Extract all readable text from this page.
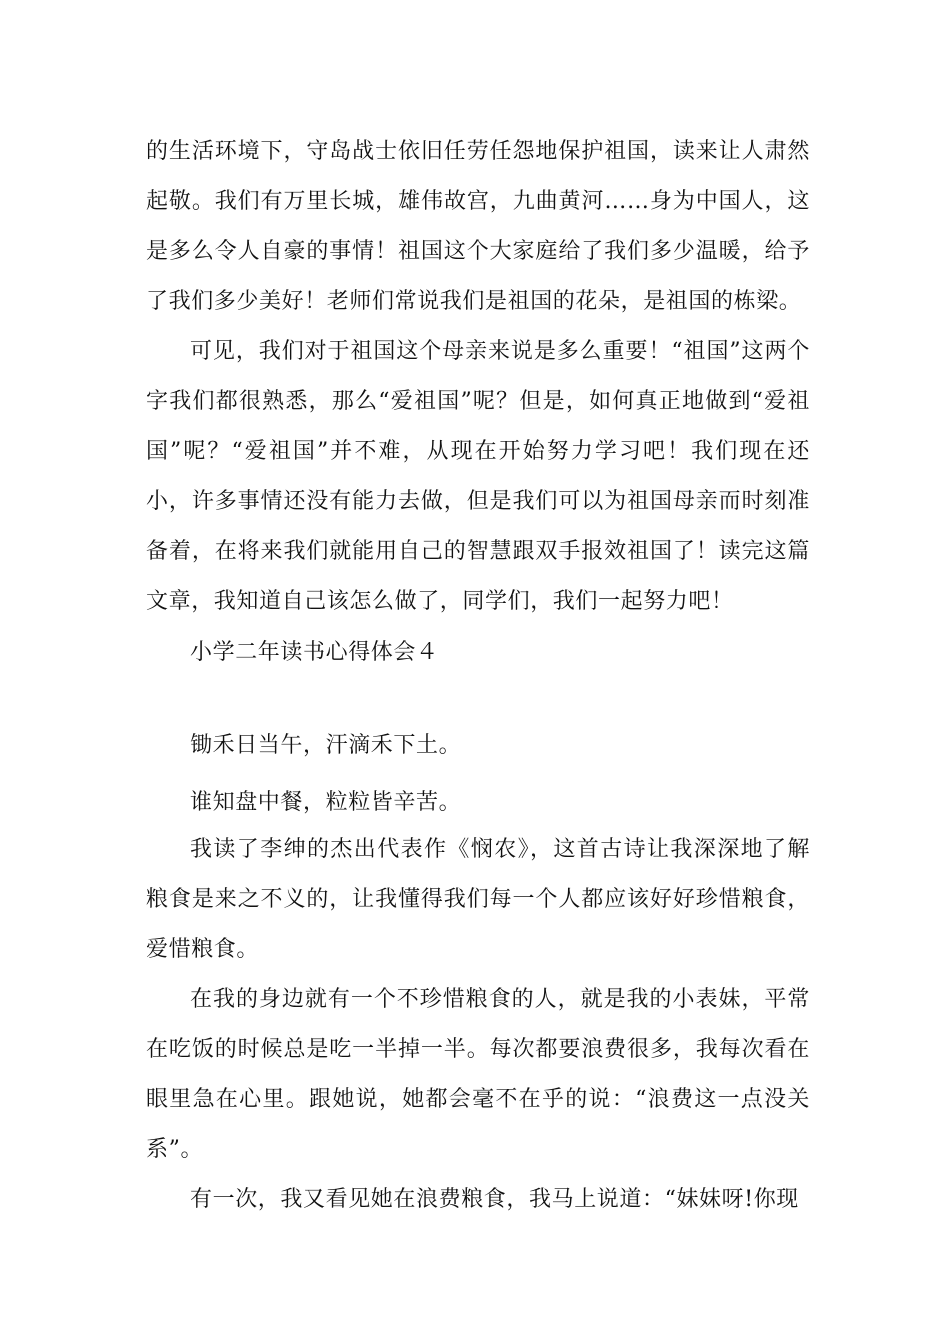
的生活环境下，守岛战士依旧任劳任怨地保护祖国，读来让人肃然起敬。我们有万里长城，雄伟故宫，九曲黄河……身为中国人，这是多么令人自豪的事情！祖国这个大家庭给了我们多少温暖，给予了我们多少美好！老师们常说我们是祖国的花朵，是祖国的栋梁。

可见，我们对于祖国这个母亲来说是多么重要！“祖国”这两个字我们都很熟悉，那么“爱祖国”呢？但是，如何真正地做到“爱祖国”呢？“爱祖国”并不难，从现在开始努力学习吧！我们现在还小，许多事情还没有能力去做，但是我们可以为祖国母亲而时刻准备着，在将来我们就能用自己的智慧跟双手报效祖国了！读完这篇文章，我知道自己该怎么做了，同学们，我们一起努力吧！

小学二年读书心得体会４
锄禾日当午，汗滴禾下土。
谁知盘中餐，粒粒皆辛苦。

我读了李绅的杰出代表作《悯农》，这首古诗让我深深地了解粮食是来之不义的，让我懂得我们每一个人都应该好好珍惜粮食，爱惜粮食。

在我的身边就有一个不珍惜粮食的人，就是我的小表妹，平常在吃饭的时候总是吃一半掉一半。每次都要浪费很多，我每次看在眼里急在心里。跟她说，她都会毫不在乎的说：“浪费这一点没关系”。

有一次，我又看见她在浪费粮食，我马上说道：“妹妹呀!你现
